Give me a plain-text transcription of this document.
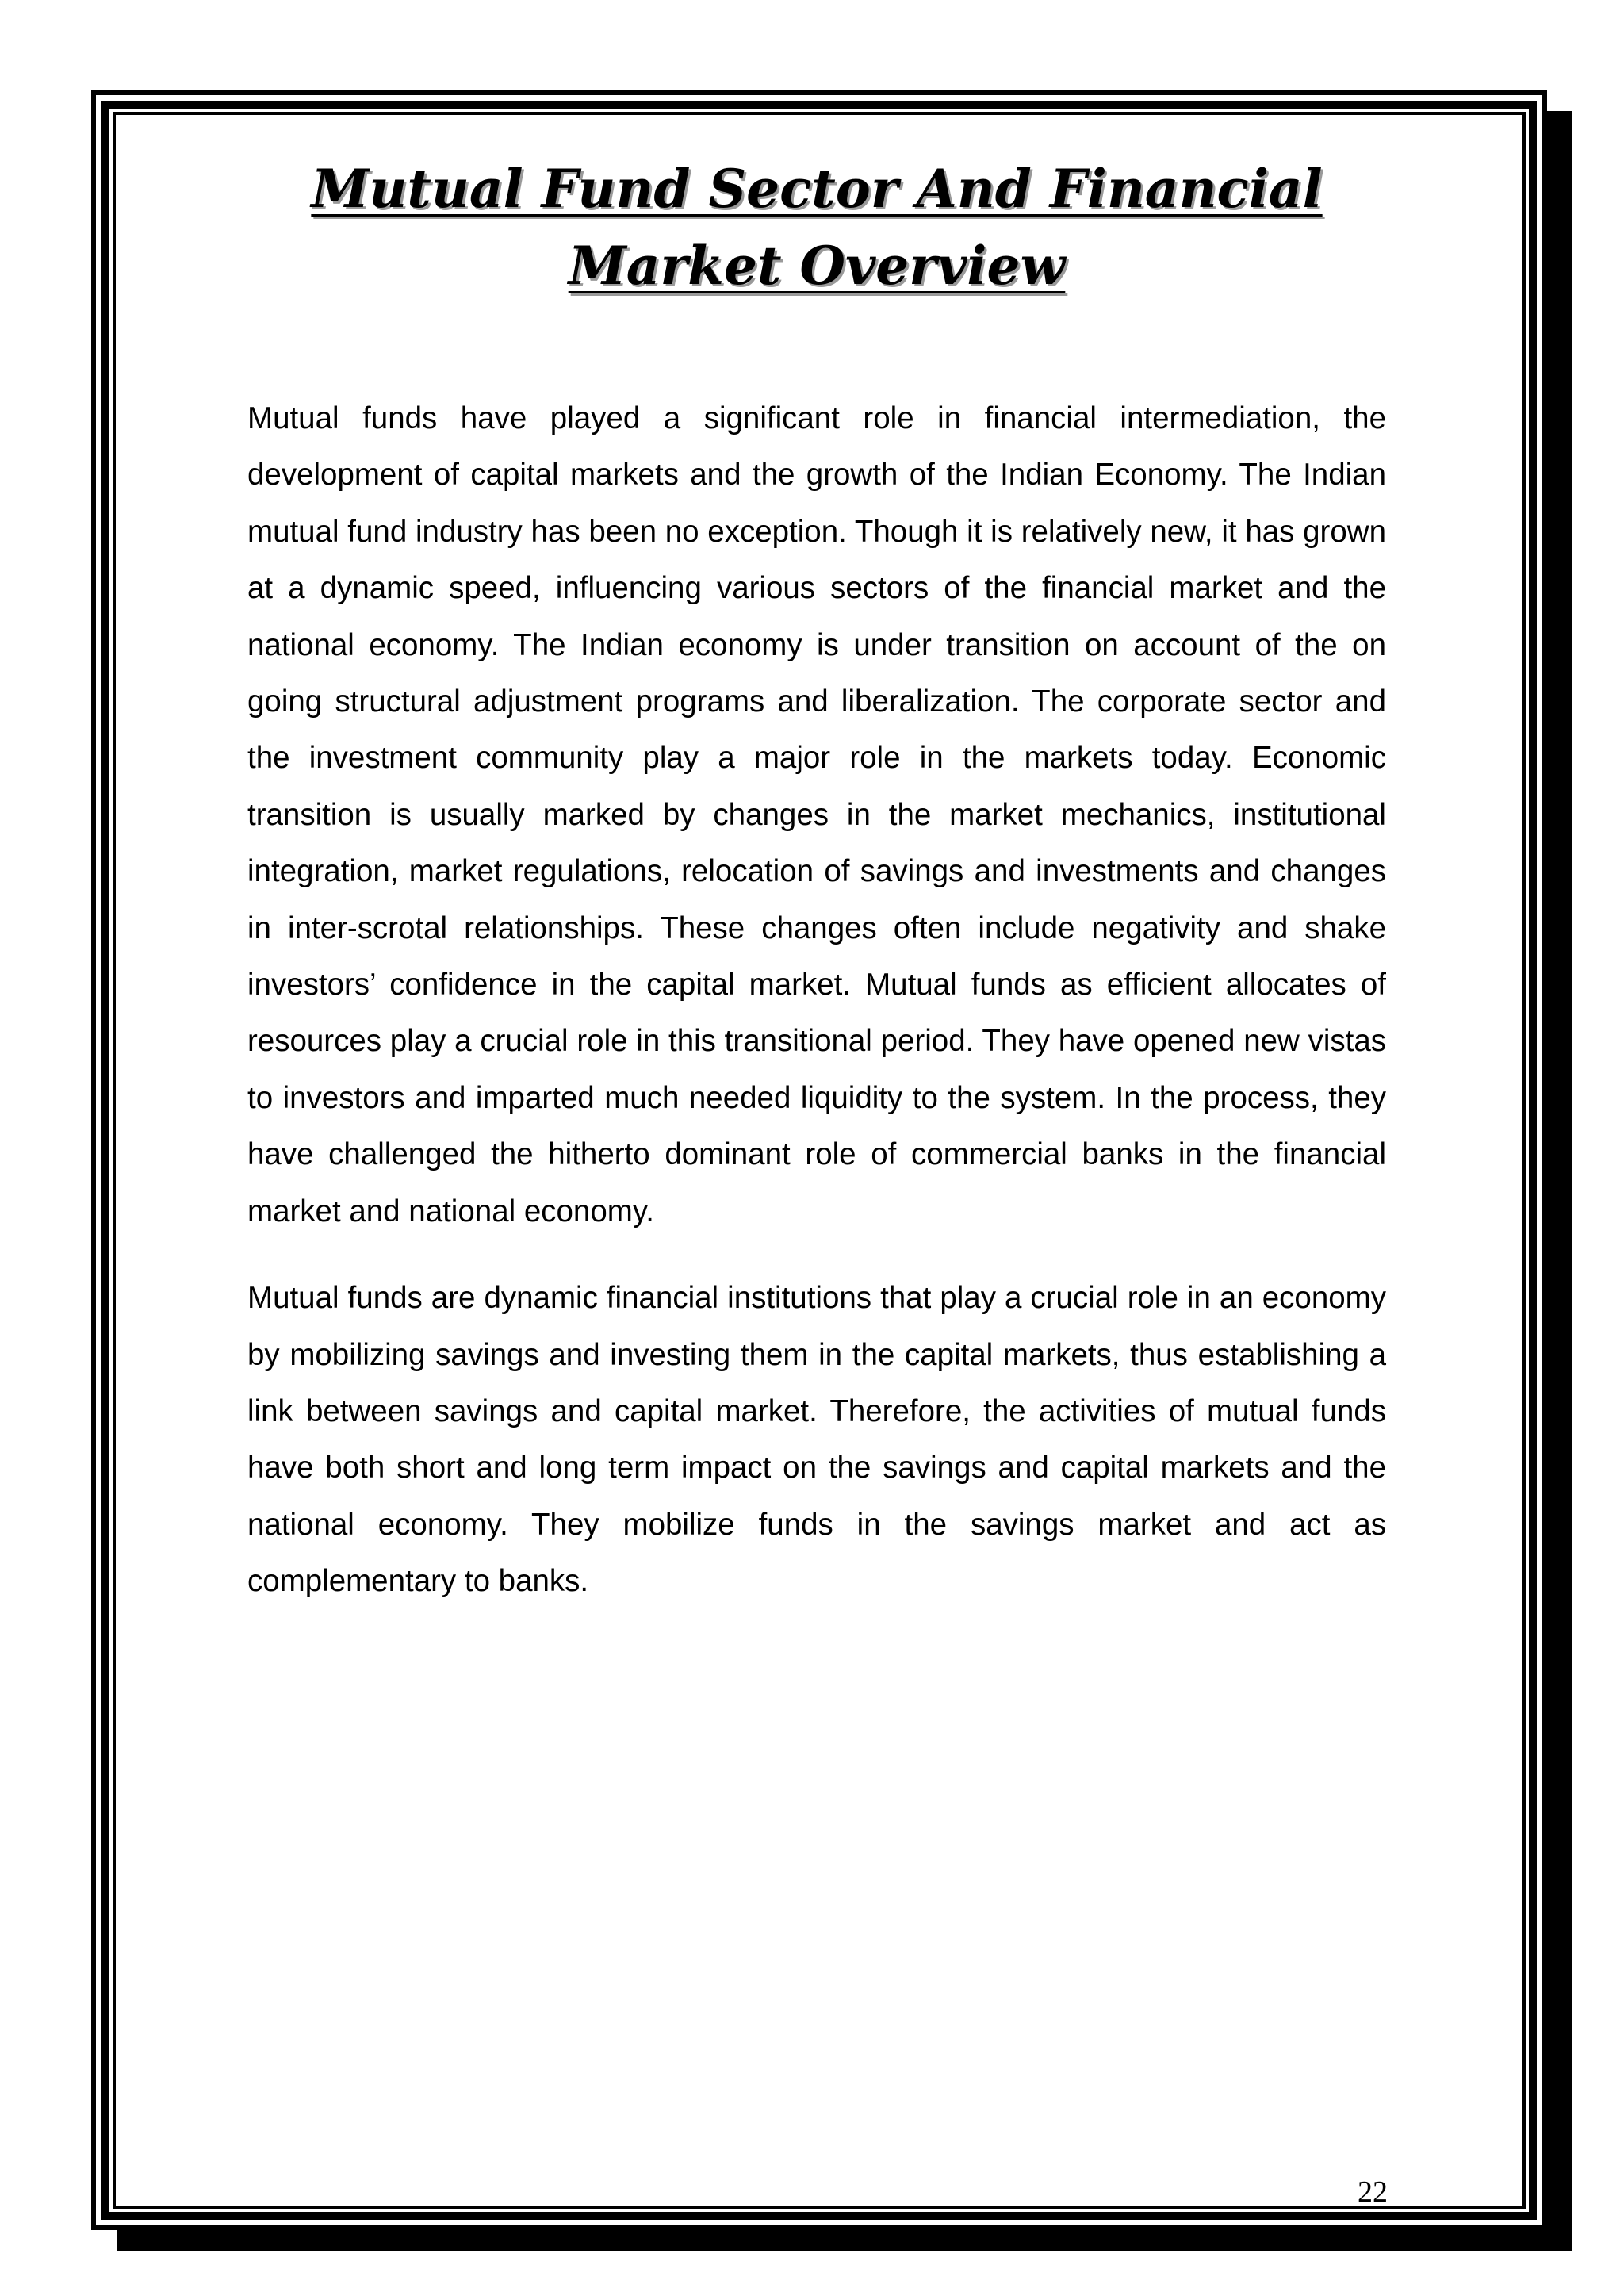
Mutual Fund Sector And Financial Market Overview

Mutual funds have played a significant role in financial intermediation, the development of capital markets and the growth of the Indian Economy. The Indian mutual fund industry has been no exception. Though it is relatively new, it has grown at a dynamic speed, influencing various sectors of the financial market and the national economy. The Indian economy is under transition on account of the on going structural adjustment programs and liberalization. The corporate sector and the investment community play a major role in the markets today. Economic transition is usually marked by changes in the market mechanics, institutional integration, market regulations, relocation of savings and investments and changes in inter-scrotal relationships. These changes often include negativity and shake investors’ confidence in the capital market. Mutual funds as efficient allocates of resources play a crucial role in this transitional period. They have opened new vistas to investors and imparted much needed liquidity to the system. In the process, they have challenged the hitherto dominant role of commercial banks in the financial market and national economy.

Mutual funds are dynamic financial institutions that play a crucial role in an economy by mobilizing savings and investing them in the capital markets, thus establishing a link between savings and capital market. Therefore, the activities of mutual funds have both short and long term impact on the savings and capital markets and the national economy. They mobilize funds in the savings market and act as complementary to banks.

22
